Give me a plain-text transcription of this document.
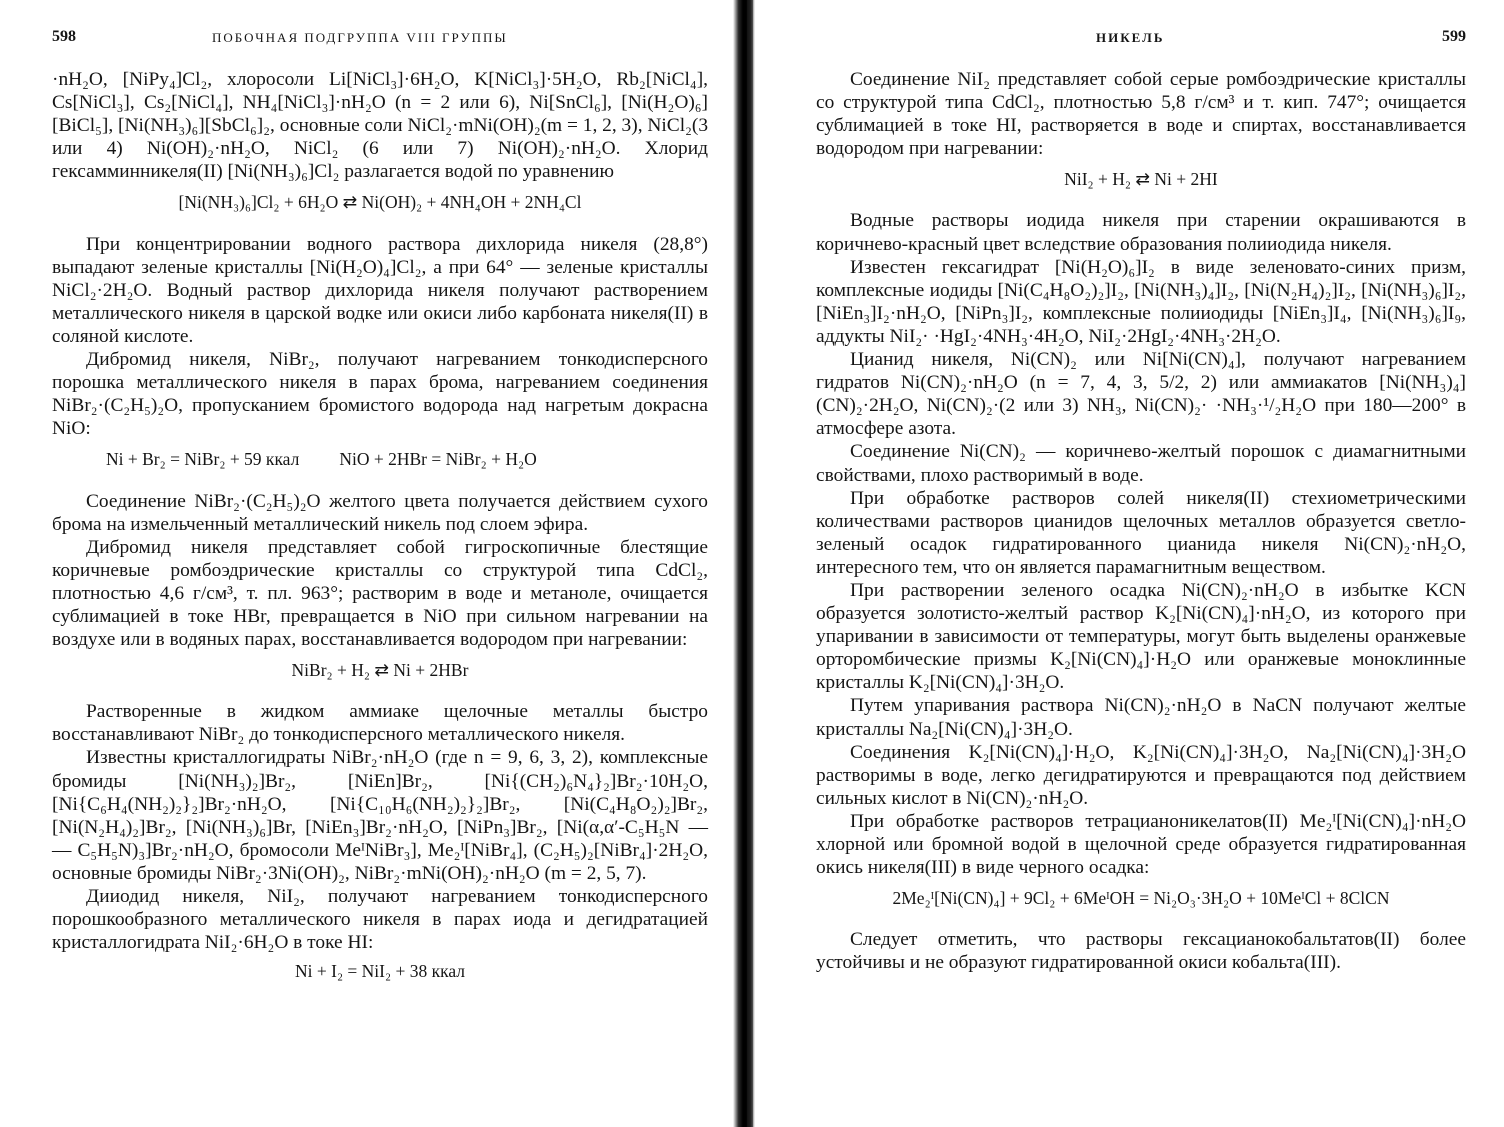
598	ПОБОЧНАЯ ПОДГРУППА VIII ГРУППЫ

·nH₂O, [NiPy₄]Cl₂, хлоросоли Li[NiCl₃]·6H₂O, K[NiCl₃]·5H₂O, Rb₂[NiCl₄], Cs[NiCl₃], Cs₂[NiCl₄], NH₄[NiCl₃]·nH₂O (n = 2 или 6), Ni[SnCl₆], [Ni(H₂O)₆][BiCl₅], [Ni(NH₃)₆][SbCl₆]₂, основные соли NiCl₂·mNi(OH)₂(m = 1, 2, 3), NiCl₂(3 или 4) Ni(OH)₂·nH₂O, NiCl₂ (6 или 7) Ni(OH)₂·nH₂O. Хлорид гексамминникеля(II) [Ni(NH₃)₆]Cl₂ разлагается водой по уравнению

[Ni(NH₃)₆]Cl₂ + 6H₂O ⇄ Ni(OH)₂ + 4NH₄OH + 2NH₄Cl

При концентрировании водного раствора дихлорида никеля (28,8°) выпадают зеленые кристаллы [Ni(H₂O)₄]Cl₂, а при 64° — зеленые кристаллы NiCl₂·2H₂O. Водный раствор дихлорида никеля получают растворением металлического никеля в царской водке или окиси либо карбоната никеля(II) в соляной кислоте.

Дибромид никеля, NiBr₂, получают нагреванием тонкодисперсного порошка металлического никеля в парах брома, нагреванием соединения NiBr₂·(C₂H₅)₂O, пропусканием бромистого водорода над нагретым докрасна NiO:

Ni + Br₂ = NiBr₂ + 59 ккал NiO + 2HBr = NiBr₂ + H₂O

Соединение NiBr₂·(C₂H₅)₂O желтого цвета получается действием сухого брома на измельченный металлический никель под слоем эфира.

Дибромид никеля представляет собой гигроскопичные блестящие коричневые ромбоэдрические кристаллы со структурой типа CdCl₂, плотностью 4,6 г/см³, т. пл. 963°; растворим в воде и метаноле, очищается сублимацией в токе HBr, превращается в NiO при сильном нагревании на воздухе или в водяных парах, восстанавливается водородом при нагревании:

NiBr₂ + H₂ ⇄ Ni + 2HBr

Растворенные в жидком аммиаке щелочные металлы быстро восстанавливают NiBr₂ до тонкодисперсного металлического никеля.

Известны кристаллогидраты NiBr₂·nH₂O (где n = 9, 6, 3, 2), комплексные бромиды [Ni(NH₃)₂]Br₂, [NiEn]Br₂, [Ni{(CH₂)₆N₄}₂]Br₂·10H₂O, [Ni{C₆H₄(NH₂)₂}₂]Br₂·nH₂O, [Ni{C₁₀H₆(NH₂)₂}₂]Br₂, [Ni(C₄H₈O₂)₂]Br₂, [Ni(N₂H₄)₂]Br₂, [Ni(NH₃)₆]Br, [NiEn₃]Br₂·nH₂O, [NiPn₃]Br₂, [Ni(α,α′-C₅H₅N — — C₅H₅N)₃]Br₂·nH₂O, бромосоли MeᴵNiBr₃], Me₂ᴵ[NiBr₄], (C₂H₅)₂[NiBr₄]·2H₂O, основные бромиды NiBr₂·3Ni(OH)₂, NiBr₂·mNi(OH)₂·nH₂O (m = 2, 5, 7).

Дииодид никеля, NiI₂, получают нагреванием тонкодисперсного порошкообразного металлического никеля в парах иода и дегидратацией кристаллогидрата NiI₂·6H₂O в токе HI:

Ni + I₂ = NiI₂ + 38 ккал
НИКЕЛЬ	599

Соединение NiI₂ представляет собой серые ромбоэдрические кристаллы со структурой типа CdCl₂, плотностью 5,8 г/см³ и т. кип. 747°; очищается сублимацией в токе HI, растворяется в воде и спиртах, восстанавливается водородом при нагревании:

NiI₂ + H₂ ⇄ Ni + 2HI

Водные растворы иодида никеля при старении окрашиваются в коричнево-красный цвет вследствие образования полииодида никеля.

Известен гексагидрат [Ni(H₂O)₆]I₂ в виде зеленовато-синих призм, комплексные иодиды [Ni(C₄H₈O₂)₂]I₂, [Ni(NH₃)₄]I₂, [Ni(N₂H₄)₂]I₂, [Ni(NH₃)₆]I₂, [NiEn₃]I₂·nH₂O, [NiPn₃]I₂, комплексные полииодиды [NiEn₃]I₄, [Ni(NH₃)₆]I₉, аддукты NiI₂· ·HgI₂·4NH₃·4H₂O, NiI₂·2HgI₂·4NH₃·2H₂O.

Цианид никеля, Ni(CN)₂ или Ni[Ni(CN)₄], получают нагреванием гидратов Ni(CN)₂·nH₂O (n = 7, 4, 3, 5/2, 2) или аммиакатов [Ni(NH₃)₄](CN)₂·2H₂O, Ni(CN)₂·(2 или 3) NH₃, Ni(CN)₂· ·NH₃·¹/₂H₂O при 180—200° в атмосфере азота.

Соединение Ni(CN)₂ — коричнево-желтый порошок с диамагнитными свойствами, плохо растворимый в воде.

При обработке растворов солей никеля(II) стехиометрическими количествами растворов цианидов щелочных металлов образуется светло-зеленый осадок гидратированного цианида никеля Ni(CN)₂·nH₂O, интересного тем, что он является парамагнитным веществом.

При растворении зеленого осадка Ni(CN)₂·nH₂O в избытке KCN образуется золотисто-желтый раствор K₂[Ni(CN)₄]·nH₂O, из которого при упаривании в зависимости от температуры, могут быть выделены оранжевые орторомбические призмы K₂[Ni(CN)₄]·H₂O или оранжевые моноклинные кристаллы K₂[Ni(CN)₄]·3H₂O.

Путем упаривания раствора Ni(CN)₂·nH₂O в NaCN получают желтые кристаллы Na₂[Ni(CN)₄]·3H₂O.

Соединения K₂[Ni(CN)₄]·H₂O, K₂[Ni(CN)₄]·3H₂O, Na₂[Ni(CN)₄]·3H₂O растворимы в воде, легко дегидратируются и превращаются под действием сильных кислот в Ni(CN)₂·nH₂O.

При обработке растворов тетрацианоникелатов(II) Me₂ᴵ[Ni(CN)₄]·nH₂O хлорной или бромной водой в щелочной среде образуется гидратированная окись никеля(III) в виде черного осадка:

2Me₂ᴵ[Ni(CN)₄] + 9Cl₂ + 6MeᴵOH = Ni₂O₃·3H₂O + 10MeᴵCl + 8ClCN

Следует отметить, что растворы гексацианокобальтатов(II) более устойчивы и не образуют гидратированной окиси кобальта(III).
